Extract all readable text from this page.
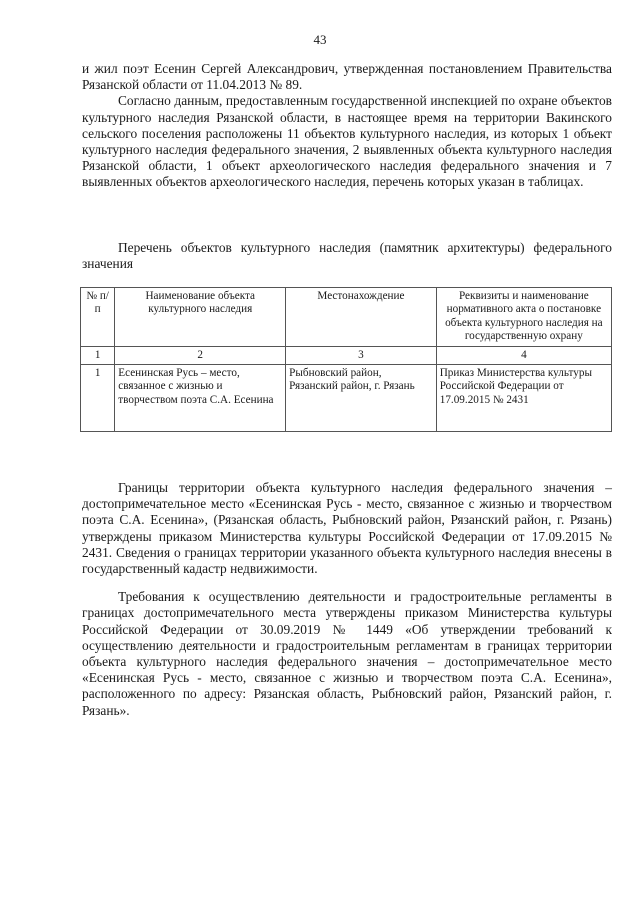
43

и жил поэт Есенин Сергей Александрович, утвержденная постановлением Правительства Рязанской области от 11.04.2013 № 89.

Согласно данным, предоставленным государственной инспекцией по охране объектов культурного наследия Рязанской области, в настоящее время на территории Вакинского сельского поселения расположены 11 объектов культурного наследия, из которых 1 объект культурного наследия федерального значения, 2 выявленных объекта культурного наследия Рязанской области, 1 объект археологического наследия федерального значения и 7 выявленных объектов археологического наследия, перечень которых указан в таблицах.

Перечень объектов культурного наследия (памятник архитектуры) федерального значения
№ п/п	Наименование объекта культурного наследия	Местонахождение	Реквизиты и наименование нормативного акта о постановке объекта культурного наследия на государственную охрану
1	2	3	4
1	Есенинская Русь – место, связанное с жизнью и творчеством поэта С.А. Есенина	Рыбновский район, Рязанский район, г. Рязань	Приказ Министерства культуры Российской Федерации от 17.09.2015 № 2431

Границы территории объекта культурного наследия федерального значения – достопримечательное место «Есенинская Русь - место, связанное с жизнью и творчеством поэта С.А. Есенина», (Рязанская область, Рыбновский район, Рязанский район, г. Рязань) утверждены приказом Министерства культуры Российской Федерации от 17.09.2015 № 2431. Сведения о границах территории указанного объекта культурного наследия внесены в государственный кадастр недвижимости.

Требования к осуществлению деятельности и градостроительные регламенты в границах достопримечательного места утверждены приказом Министерства культуры Российской Федерации от 30.09.2019 № 1449 «Об утверждении требований к осуществлению деятельности и градостроительным регламентам в границах территории объекта культурного наследия федерального значения – достопримечательное место «Есенинская Русь - место, связанное с жизнью и творчеством поэта С.А. Есенина», расположенного по адресу: Рязанская область, Рыбновский район, Рязанский район, г. Рязань».
